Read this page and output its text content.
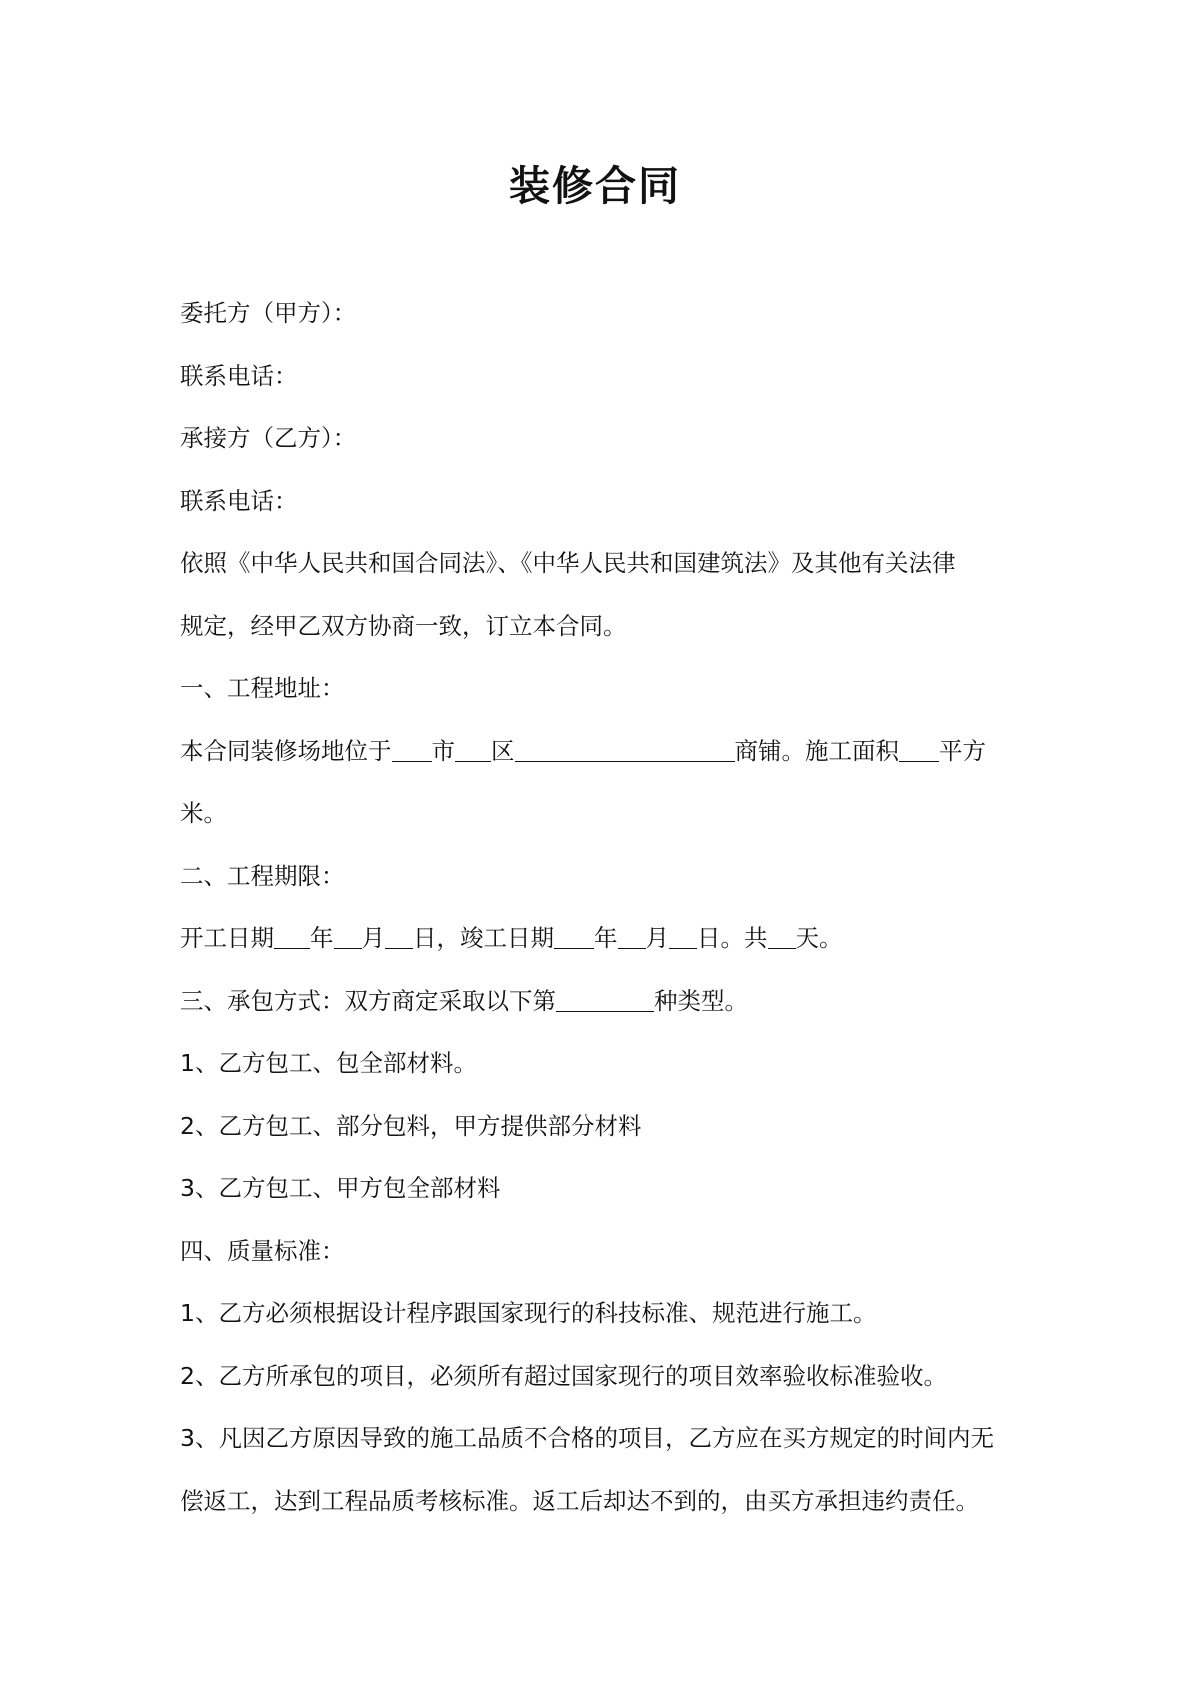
装修合同
委托方（甲方）：
联系电话：
承接方（乙方）：
联系电话：
依照《中华人民共和国合同法》、《中华人民共和国建筑法》及其他有关法律
规定，经甲乙双方协商一致，订立本合同。
一、工程地址：
本合同装修场地位于 市 区	商铺。施工面积 平方
米。
二、工程期限：
开工日期 年 月 日，竣工日期 年 月 日。共 天。
三、承包方式：双方商定采取以下第	种类型。
1、乙方包工、包全部材料。
2、乙方包工、部分包料，甲方提供部分材料
3、乙方包工、甲方包全部材料
四、质量标准：
1、乙方必须根据设计程序跟国家现行的科技标准、规范进行施工。
2、乙方所承包的项目，必须所有超过国家现行的项目效率验收标准验收。
3、凡因乙方原因导致的施工品质不合格的项目，乙方应在买方规定的时间内无
偿返工，达到工程品质考核标准。返工后却达不到的，由买方承担违约责任。
